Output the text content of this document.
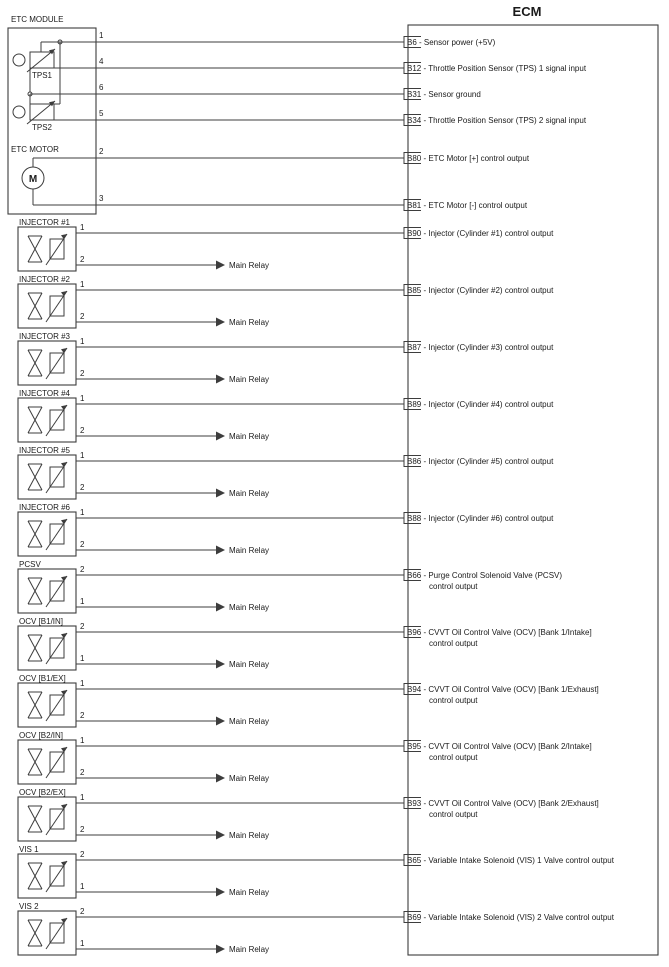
ECM
B6 - Sensor power (+5V)
B12 - Throttle Position Sensor (TPS) 1 signal input
B31 - Sensor ground
B34 - Throttle Position Sensor (TPS) 2 signal input
B80 - ETC Motor [+] control output
B81 - ETC Motor [-] control output
B90 - Injector (Cylinder #1) control output
B85 - Injector (Cylinder #2) control output
B87 - Injector (Cylinder #3) control output
B89 - Injector (Cylinder #4) control output
B86 - Injector (Cylinder #5) control output
B88 - Injector (Cylinder #6) control output
B66 - Purge Control Solenoid Valve (PCSV)
control output
B96 - CVVT Oil Control Valve (OCV) [Bank 1/Intake]
control output
B94 - CVVT Oil Control Valve (OCV) [Bank 1/Exhaust]
control output
B95 - CVVT Oil Control Valve (OCV) [Bank 2/Intake]
control output
B93 - CVVT Oil Control Valve (OCV) [Bank 2/Exhaust]
control output
B65 - Variable Intake Solenoid (VIS) 1 Valve control output
B69 - Variable Intake Solenoid (VIS) 2 Valve control output
ETC MODULE
TPS1
TPS2
ETC MOTOR
M
1
4
6
5
2
3
INJECTOR #1
1
Main Relay
2
INJECTOR #2
1
Main Relay
2
INJECTOR #3
1
Main Relay
2
INJECTOR #4
1
Main Relay
2
INJECTOR #5
1
Main Relay
2
INJECTOR #6
1
Main Relay
2
PCSV
2
Main Relay
1
OCV [B1/IN]
2
Main Relay
1
OCV [B1/EX]
1
Main Relay
2
OCV [B2/IN]
1
Main Relay
2
OCV [B2/EX]
1
Main Relay
2
VIS 1
2
Main Relay
1
VIS 2
2
Main Relay
1
